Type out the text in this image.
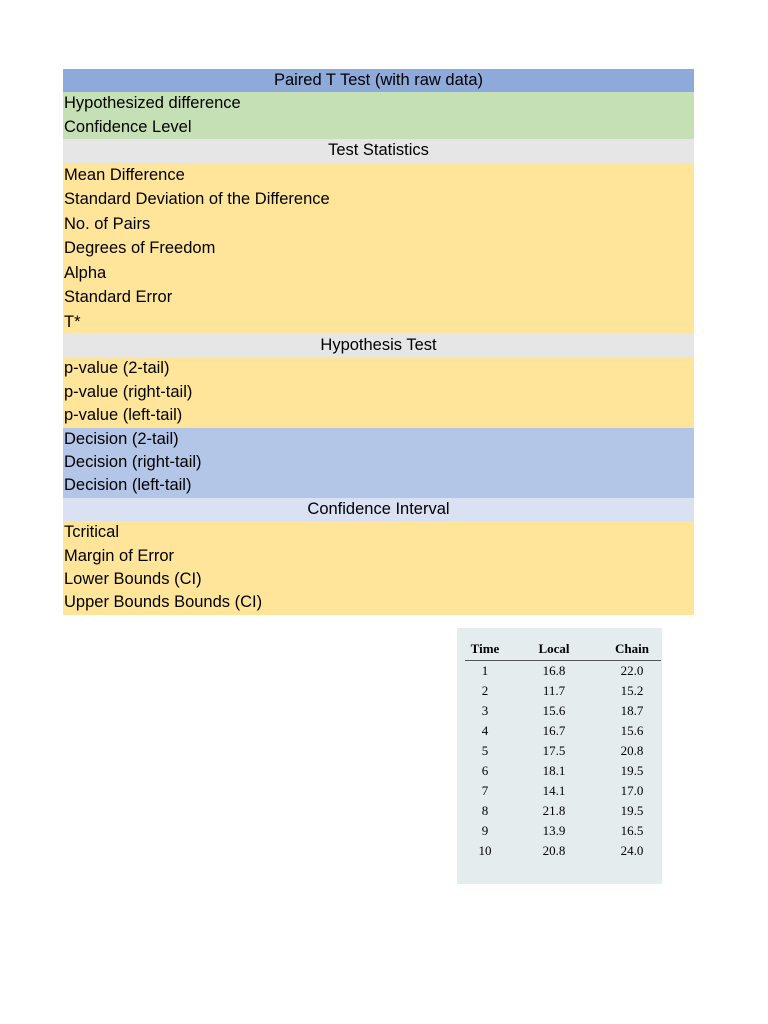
Paired T Test (with raw data)
Hypothesized difference
Confidence Level
Test Statistics
Mean Difference
Standard Deviation of the Difference
No. of Pairs
Degrees of Freedom
Alpha
Standard Error
T*
Hypothesis Test
p-value (2-tail)
p-value (right-tail)
p-value (left-tail)
Decision (2-tail)
Decision (right-tail)
Decision (left-tail)
Confidence Interval
Tcritical
Margin of Error
Lower Bounds (CI)
Upper Bounds Bounds (CI)
Time	Local	Chain
1	16.8	22.0
2	11.7	15.2
3	15.6	18.7
4	16.7	15.6
5	17.5	20.8
6	18.1	19.5
7	14.1	17.0
8	21.8	19.5
9	13.9	16.5
10	20.8	24.0
